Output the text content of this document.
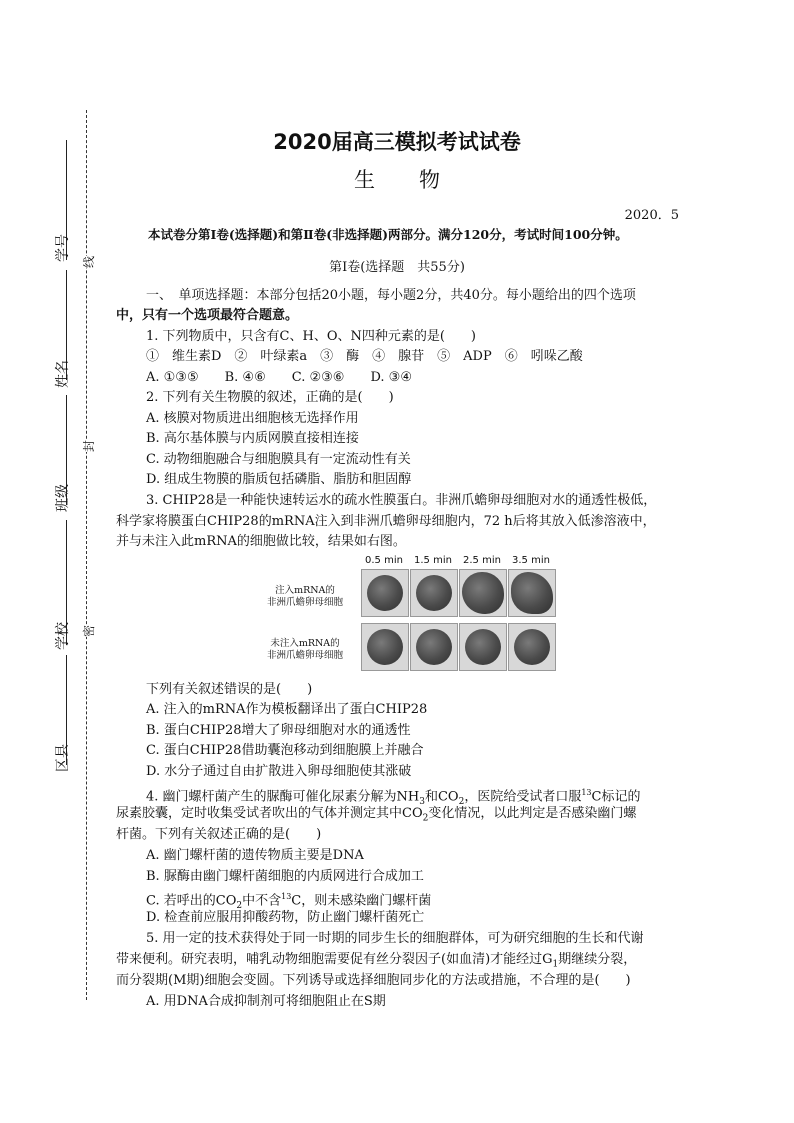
学号
姓名
班级
学校
区县
线
封
密
2020届高三模拟考试试卷
生物
2020．5
本试卷分第Ⅰ卷(选择题)和第Ⅱ卷(非选择题)两部分。满分120分，考试时间100分钟。
第Ⅰ卷(选择题　共55分)
一、　单项选择题：本部分包括20小题，每小题2分，共40分。每小题给出的四个选项
中，只有一个选项最符合题意。
1. 下列物质中，只含有C、H、O、N四种元素的是(　　)
①　维生素D　②　叶绿素a　③　酶　④　腺苷　⑤　ADP　⑥　吲哚乙酸
A. ①③⑤　　B. ④⑥　　C. ②③⑥　　D. ③④
2. 下列有关生物膜的叙述，正确的是(　　)
A. 核膜对物质进出细胞核无选择作用
B. 高尔基体膜与内质网膜直接相连接
C. 动物细胞融合与细胞膜具有一定流动性有关
D. 组成生物膜的脂质包括磷脂、脂肪和胆固醇
3. CHIP28是一种能快速转运水的疏水性膜蛋白。非洲爪蟾卵母细胞对水的通透性极低，
科学家将膜蛋白CHIP28的mRNA注入到非洲爪蟾卵母细胞内，72 h后将其放入低渗溶液中，
并与未注入此mRNA的细胞做比较，结果如右图。
0.5 min	1.5 min	2.5 min	3.5 min
注入mRNA的
非洲爪蟾卵母细胞
未注入mRNA的
非洲爪蟾卵母细胞
下列有关叙述错误的是(　　)
A. 注入的mRNA作为模板翻译出了蛋白CHIP28
B. 蛋白CHIP28增大了卵母细胞对水的通透性
C. 蛋白CHIP28借助囊泡移动到细胞膜上并融合
D. 水分子通过自由扩散进入卵母细胞使其涨破
4. 幽门螺杆菌产生的脲酶可催化尿素分解为$NH_3$和$CO_2$，医院给受试者口服$^{13}$C标记的
尿素胶囊，定时收集受试者吹出的气体并测定其中$CO_2$变化情况，以此判定是否感染幽门螺
杆菌。下列有关叙述正确的是(　　)
A. 幽门螺杆菌的遗传物质主要是DNA
B. 脲酶由幽门螺杆菌细胞的内质网进行合成加工
C. 若呼出的$CO_2$中不含$^{13}$C，则未感染幽门螺杆菌
D. 检查前应服用抑酸药物，防止幽门螺杆菌死亡
5. 用一定的技术获得处于同一时期的同步生长的细胞群体，可为研究细胞的生长和代谢
带来便利。研究表明，哺乳动物细胞需要促有丝分裂因子(如血清)才能经过$G_1$期继续分裂，
而分裂期(M期)细胞会变圆。下列诱导或选择细胞同步化的方法或措施，不合理的是(　　)
A. 用DNA合成抑制剂可将细胞阻止在S期
